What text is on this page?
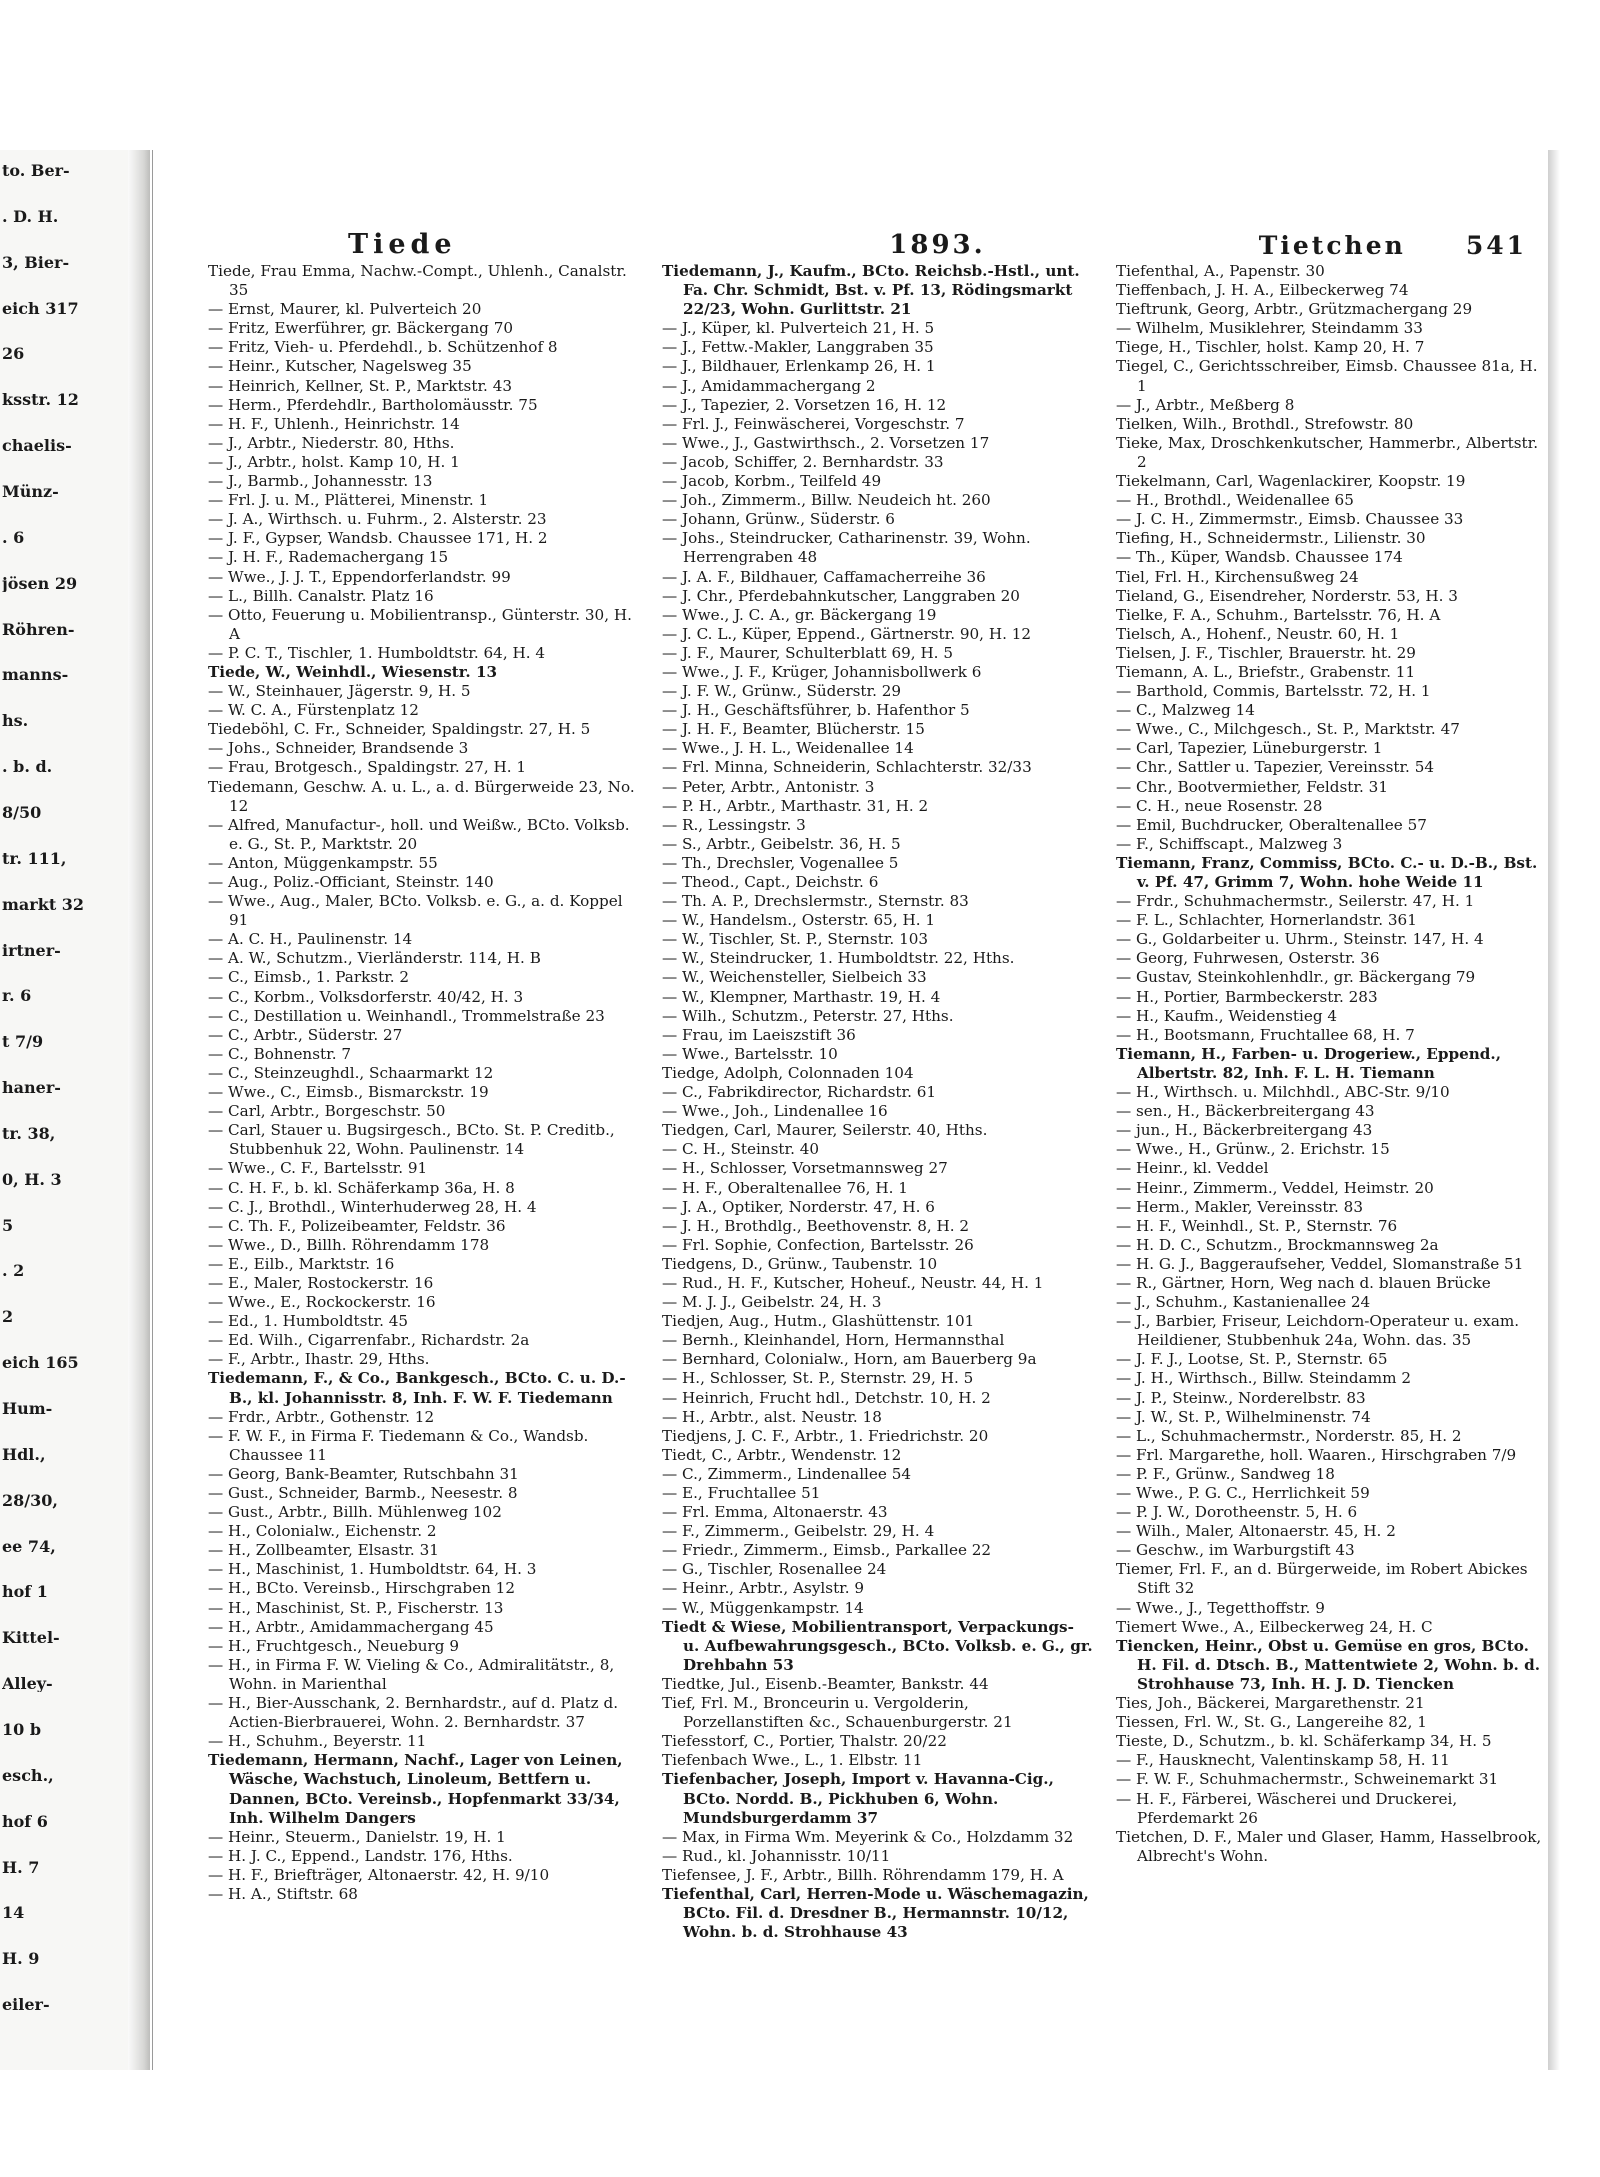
to. Ber-
. D. H.
3, Bier-
eich 317
26
ksstr. 12
chaelis-
Münz-
. 6
jösen 29
Röhren-
manns-
hs.
. b. d.
8/50
tr. 111,
markt 32
irtner-
r. 6
t 7/9
haner-
tr. 38,
0, H. 3
5
. 2
2
eich 165
Hum-
Hdl.,
28/30,
ee 74,
hof 1
Kittel-
Alley-
10 b
esch.,
hof 6
H. 7
14
H. 9
eiler-
Tiede	1893.	Tietchen 541

Tiede, Frau Emma, Nachw.-Compt., Uhlenh., Canalstr. 35

— Ernst, Maurer, kl. Pulverteich 20

— Fritz, Ewerführer, gr. Bäckergang 70

— Fritz, Vieh- u. Pferdehdl., b. Schützenhof 8

— Heinr., Kutscher, Nagelsweg 35

— Heinrich, Kellner, St. P., Marktstr. 43

— Herm., Pferdehdlr., Bartholomäusstr. 75

— H. F., Uhlenh., Heinrichstr. 14

— J., Arbtr., Niederstr. 80, Hths.

— J., Arbtr., holst. Kamp 10, H. 1

— J., Barmb., Johannesstr. 13

— Frl. J. u. M., Plätterei, Minenstr. 1

— J. A., Wirthsch. u. Fuhrm., 2. Alsterstr. 23

— J. F., Gypser, Wandsb. Chaussee 171, H. 2

— J. H. F., Rademachergang 15

— Wwe., J. J. T., Eppendorferlandstr. 99

— L., Billh. Canalstr. Platz 16

— Otto, Feuerung u. Mobilientransp., Günterstr. 30, H. A

— P. C. T., Tischler, 1. Humboldtstr. 64, H. 4

Tiede, W., Weinhdl., Wiesenstr. 13

— W., Steinhauer, Jägerstr. 9, H. 5

— W. C. A., Fürstenplatz 12

Tiedeböhl, C. Fr., Schneider, Spaldingstr. 27, H. 5

— Johs., Schneider, Brandsende 3

— Frau, Brotgesch., Spaldingstr. 27, H. 1

Tiedemann, Geschw. A. u. L., a. d. Bürgerweide 23, No. 12

— Alfred, Manufactur-, holl. und Weißw., BCto. Volksb. e. G., St. P., Marktstr. 20

— Anton, Müggenkampstr. 55

— Aug., Poliz.-Officiant, Steinstr. 140

— Wwe., Aug., Maler, BCto. Volksb. e. G., a. d. Koppel 91

— A. C. H., Paulinenstr. 14

— A. W., Schutzm., Vierländerstr. 114, H. B

— C., Eimsb., 1. Parkstr. 2

— C., Korbm., Volksdorferstr. 40/42, H. 3

— C., Destillation u. Weinhandl., Trommelstraße 23

— C., Arbtr., Süderstr. 27

— C., Bohnenstr. 7

— C., Steinzeughdl., Schaarmarkt 12

— Wwe., C., Eimsb., Bismarckstr. 19

— Carl, Arbtr., Borgeschstr. 50

— Carl, Stauer u. Bugsirgesch., BCto. St. P. Creditb., Stubbenhuk 22, Wohn. Paulinenstr. 14

— Wwe., C. F., Bartelsstr. 91

— C. H. F., b. kl. Schäferkamp 36a, H. 8

— C. J., Brothdl., Winterhuderweg 28, H. 4

— C. Th. F., Polizeibeamter, Feldstr. 36

— Wwe., D., Billh. Röhrendamm 178

— E., Eilb., Marktstr. 16

— E., Maler, Rostockerstr. 16

— Wwe., E., Rockockerstr. 16

— Ed., 1. Humboldtstr. 45

— Ed. Wilh., Cigarrenfabr., Richardstr. 2a

— F., Arbtr., Ihastr. 29, Hths.

Tiedemann, F., & Co., Bankgesch., BCto. C. u. D.-B., kl. Johannisstr. 8, Inh. F. W. F. Tiedemann

— Frdr., Arbtr., Gothenstr. 12

— F. W. F., in Firma F. Tiedemann & Co., Wandsb. Chaussee 11

— Georg, Bank-Beamter, Rutschbahn 31

— Gust., Schneider, Barmb., Neesestr. 8

— Gust., Arbtr., Billh. Mühlenweg 102

— H., Colonialw., Eichenstr. 2

— H., Zollbeamter, Elsastr. 31

— H., Maschinist, 1. Humboldtstr. 64, H. 3

— H., BCto. Vereinsb., Hirschgraben 12

— H., Maschinist, St. P., Fischerstr. 13

— H., Arbtr., Amidammachergang 45

— H., Fruchtgesch., Neueburg 9

— H., in Firma F. W. Vieling & Co., Admiralitätstr., 8, Wohn. in Marienthal

— H., Bier-Ausschank, 2. Bernhardstr., auf d. Platz d. Actien-Bierbrauerei, Wohn. 2. Bernhardstr. 37

— H., Schuhm., Beyerstr. 11

Tiedemann, Hermann, Nachf., Lager von Leinen, Wäsche, Wachstuch, Linoleum, Bettfern u. Dannen, BCto. Vereinsb., Hopfenmarkt 33/34, Inh. Wilhelm Dangers

— Heinr., Steuerm., Danielstr. 19, H. 1

— H. J. C., Eppend., Landstr. 176, Hths.

— H. F., Briefträger, Altonaerstr. 42, H. 9/10

— H. A., Stiftstr. 68

Tiedemann, J., Kaufm., BCto. Reichsb.-Hstl., unt. Fa. Chr. Schmidt, Bst. v. Pf. 13, Rödingsmarkt 22/23, Wohn. Gurlittstr. 21

— J., Küper, kl. Pulverteich 21, H. 5

— J., Fettw.-Makler, Langgraben 35

— J., Bildhauer, Erlenkamp 26, H. 1

— J., Amidammachergang 2

— J., Tapezier, 2. Vorsetzen 16, H. 12

— Frl. J., Feinwäscherei, Vorgeschstr. 7

— Wwe., J., Gastwirthsch., 2. Vorsetzen 17

— Jacob, Schiffer, 2. Bernhardstr. 33

— Jacob, Korbm., Teilfeld 49

— Joh., Zimmerm., Billw. Neudeich ht. 260

— Johann, Grünw., Süderstr. 6

— Johs., Steindrucker, Catharinenstr. 39, Wohn. Herrengraben 48

— J. A. F., Bildhauer, Caffamacherreihe 36

— J. Chr., Pferdebahnkutscher, Langgraben 20

— Wwe., J. C. A., gr. Bäckergang 19

— J. C. L., Küper, Eppend., Gärtnerstr. 90, H. 12

— J. F., Maurer, Schulterblatt 69, H. 5

— Wwe., J. F., Krüger, Johannisbollwerk 6

— J. F. W., Grünw., Süderstr. 29

— J. H., Geschäftsführer, b. Hafenthor 5

— J. H. F., Beamter, Blücherstr. 15

— Wwe., J. H. L., Weidenallee 14

— Frl. Minna, Schneiderin, Schlachterstr. 32/33

— Peter, Arbtr., Antonistr. 3

— P. H., Arbtr., Marthastr. 31, H. 2

— R., Lessingstr. 3

— S., Arbtr., Geibelstr. 36, H. 5

— Th., Drechsler, Vogenallee 5

— Theod., Capt., Deichstr. 6

— Th. A. P., Drechslermstr., Sternstr. 83

— W., Handelsm., Osterstr. 65, H. 1

— W., Tischler, St. P., Sternstr. 103

— W., Steindrucker, 1. Humboldtstr. 22, Hths.

— W., Weichensteller, Sielbeich 33

— W., Klempner, Marthastr. 19, H. 4

— Wilh., Schutzm., Peterstr. 27, Hths.

— Frau, im Laeiszstift 36

— Wwe., Bartelsstr. 10

Tiedge, Adolph, Colonnaden 104

— C., Fabrikdirector, Richardstr. 61

— Wwe., Joh., Lindenallee 16

Tiedgen, Carl, Maurer, Seilerstr. 40, Hths.

— C. H., Steinstr. 40

— H., Schlosser, Vorsetmannsweg 27

— H. F., Oberaltenallee 76, H. 1

— J. A., Optiker, Norderstr. 47, H. 6

— J. H., Brothdlg., Beethovenstr. 8, H. 2

— Frl. Sophie, Confection, Bartelsstr. 26

Tiedgens, D., Grünw., Taubenstr. 10

— Rud., H. F., Kutscher, Hoheuf., Neustr. 44, H. 1

— M. J. J., Geibelstr. 24, H. 3

Tiedjen, Aug., Hutm., Glashüttenstr. 101

— Bernh., Kleinhandel, Horn, Hermannsthal

— Bernhard, Colonialw., Horn, am Bauerberg 9a

— H., Schlosser, St. P., Sternstr. 29, H. 5

— Heinrich, Frucht hdl., Detchstr. 10, H. 2

— H., Arbtr., alst. Neustr. 18

Tiedjens, J. C. F., Arbtr., 1. Friedrichstr. 20

Tiedt, C., Arbtr., Wendenstr. 12

— C., Zimmerm., Lindenallee 54

— E., Fruchtallee 51

— Frl. Emma, Altonaerstr. 43

— F., Zimmerm., Geibelstr. 29, H. 4

— Friedr., Zimmerm., Eimsb., Parkallee 22

— G., Tischler, Rosenallee 24

— Heinr., Arbtr., Asylstr. 9

— W., Müggenkampstr. 14

Tiedt & Wiese, Mobilientransport, Verpackungs- u. Aufbewahrungsgesch., BCto. Volksb. e. G., gr. Drehbahn 53

Tiedtke, Jul., Eisenb.-Beamter, Bankstr. 44

Tief, Frl. M., Bronceurin u. Vergolderin, Porzellanstiften &c., Schauenburgerstr. 21

Tiefesstorf, C., Portier, Thalstr. 20/22

Tiefenbach Wwe., L., 1. Elbstr. 11

Tiefenbacher, Joseph, Import v. Havanna-Cig., BCto. Nordd. B., Pickhuben 6, Wohn. Mundsburgerdamm 37

— Max, in Firma Wm. Meyerink & Co., Holzdamm 32

— Rud., kl. Johannisstr. 10/11

Tiefensee, J. F., Arbtr., Billh. Röhrendamm 179, H. A

Tiefenthal, Carl, Herren-Mode u. Wäschemagazin, BCto. Fil. d. Dresdner B., Hermannstr. 10/12, Wohn. b. d. Strohhause 43

Tiefenthal, A., Papenstr. 30

Tieffenbach, J. H. A., Eilbeckerweg 74

Tieftrunk, Georg, Arbtr., Grützmachergang 29

— Wilhelm, Musiklehrer, Steindamm 33

Tiege, H., Tischler, holst. Kamp 20, H. 7

Tiegel, C., Gerichtsschreiber, Eimsb. Chaussee 81a, H. 1

— J., Arbtr., Meßberg 8

Tielken, Wilh., Brothdl., Strefowstr. 80

Tieke, Max, Droschkenkutscher, Hammerbr., Albertstr. 2

Tiekelmann, Carl, Wagenlackirer, Koopstr. 19

— H., Brothdl., Weidenallee 65

— J. C. H., Zimmermstr., Eimsb. Chaussee 33

Tiefing, H., Schneidermstr., Lilienstr. 30

— Th., Küper, Wandsb. Chaussee 174

Tiel, Frl. H., Kirchensußweg 24

Tieland, G., Eisendreher, Norderstr. 53, H. 3

Tielke, F. A., Schuhm., Bartelsstr. 76, H. A

Tielsch, A., Hohenf., Neustr. 60, H. 1

Tielsen, J. F., Tischler, Brauerstr. ht. 29

Tiemann, A. L., Briefstr., Grabenstr. 11

— Barthold, Commis, Bartelsstr. 72, H. 1

— C., Malzweg 14

— Wwe., C., Milchgesch., St. P., Marktstr. 47

— Carl, Tapezier, Lüneburgerstr. 1

— Chr., Sattler u. Tapezier, Vereinsstr. 54

— Chr., Bootvermiether, Feldstr. 31

— C. H., neue Rosenstr. 28

— Emil, Buchdrucker, Oberaltenallee 57

— F., Schiffscapt., Malzweg 3

Tiemann, Franz, Commiss, BCto. C.- u. D.-B., Bst. v. Pf. 47, Grimm 7, Wohn. hohe Weide 11

— Frdr., Schuhmachermstr., Seilerstr. 47, H. 1

— F. L., Schlachter, Hornerlandstr. 361

— G., Goldarbeiter u. Uhrm., Steinstr. 147, H. 4

— Georg, Fuhrwesen, Osterstr. 36

— Gustav, Steinkohlenhdlr., gr. Bäckergang 79

— H., Portier, Barmbeckerstr. 283

— H., Kaufm., Weidenstieg 4

— H., Bootsmann, Fruchtallee 68, H. 7

Tiemann, H., Farben- u. Drogeriew., Eppend., Albertstr. 82, Inh. F. L. H. Tiemann

— H., Wirthsch. u. Milchhdl., ABC-Str. 9/10

— sen., H., Bäckerbreitergang 43

— jun., H., Bäckerbreitergang 43

— Wwe., H., Grünw., 2. Erichstr. 15

— Heinr., kl. Veddel

— Heinr., Zimmerm., Veddel, Heimstr. 20

— Herm., Makler, Vereinsstr. 83

— H. F., Weinhdl., St. P., Sternstr. 76

— H. D. C., Schutzm., Brockmannsweg 2a

— H. G. J., Baggeraufseher, Veddel, Slomanstraße 51

— R., Gärtner, Horn, Weg nach d. blauen Brücke

— J., Schuhm., Kastanienallee 24

— J., Barbier, Friseur, Leichdorn-Operateur u. exam. Heildiener, Stubbenhuk 24a, Wohn. das. 35

— J. F. J., Lootse, St. P., Sternstr. 65

— J. H., Wirthsch., Billw. Steindamm 2

— J. P., Steinw., Norderelbstr. 83

— J. W., St. P., Wilhelminenstr. 74

— L., Schuhmachermstr., Norderstr. 85, H. 2

— Frl. Margarethe, holl. Waaren., Hirschgraben 7/9

— P. F., Grünw., Sandweg 18

— Wwe., P. G. C., Herrlichkeit 59

— P. J. W., Dorotheenstr. 5, H. 6

— Wilh., Maler, Altonaerstr. 45, H. 2

— Geschw., im Warburgstift 43

Tiemer, Frl. F., an d. Bürgerweide, im Robert Abickes Stift 32

— Wwe., J., Tegetthoffstr. 9

Tiemert Wwe., A., Eilbeckerweg 24, H. C

Tiencken, Heinr., Obst u. Gemüse en gros, BCto. H. Fil. d. Dtsch. B., Mattentwiete 2, Wohn. b. d. Strohhause 73, Inh. H. J. D. Tiencken

Ties, Joh., Bäckerei, Margarethenstr. 21

Tiessen, Frl. W., St. G., Langereihe 82, 1

Tieste, D., Schutzm., b. kl. Schäferkamp 34, H. 5

— F., Hausknecht, Valentinskamp 58, H. 11

— F. W. F., Schuhmachermstr., Schweinemarkt 31

— H. F., Färberei, Wäscherei und Druckerei, Pferdemarkt 26

Tietchen, D. F., Maler und Glaser, Hamm, Hasselbrook, Albrecht's Wohn.
